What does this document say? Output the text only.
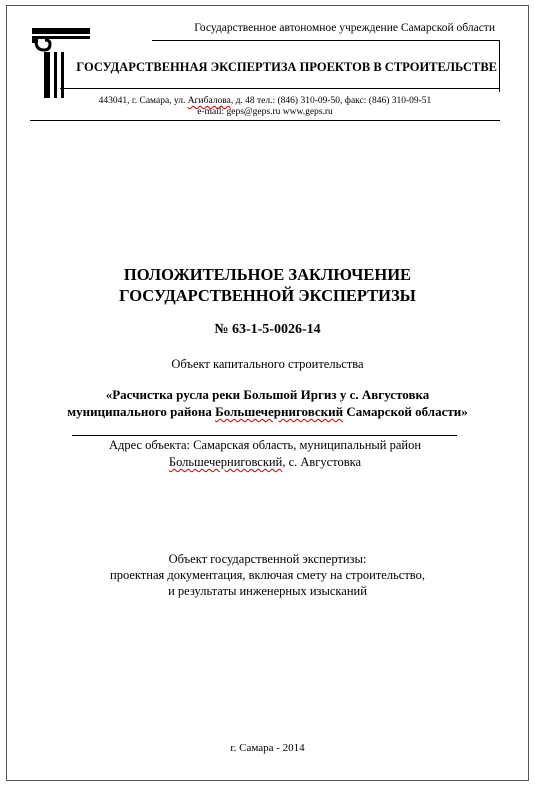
Государственное автономное учреждение Самарской области
ГОСУДАРСТВЕННАЯ ЭКСПЕРТИЗА ПРОЕКТОВ В СТРОИТЕЛЬСТВЕ
443041, г. Самара, ул. Агибалова, д. 48 тел.: (846) 310-09-50, факс: (846) 310-09-51
e-mail: geps@geps.ru www.geps.ru
ПОЛОЖИТЕЛЬНОЕ ЗАКЛЮЧЕНИЕ
ГОСУДАРСТВЕННОЙ ЭКСПЕРТИЗЫ
№ 63-1-5-0026-14
Объект капитального строительства
«Расчистка русла реки Большой Иргиз у с. Августовка
муниципального района Большечерниговский Самарской области»
Адрес объекта: Самарская область, муниципальный район
Большечерниговский, с. Августовка
Объект государственной экспертизы:
проектная документация, включая смету на строительство,
и результаты инженерных изысканий
г. Самара - 2014
